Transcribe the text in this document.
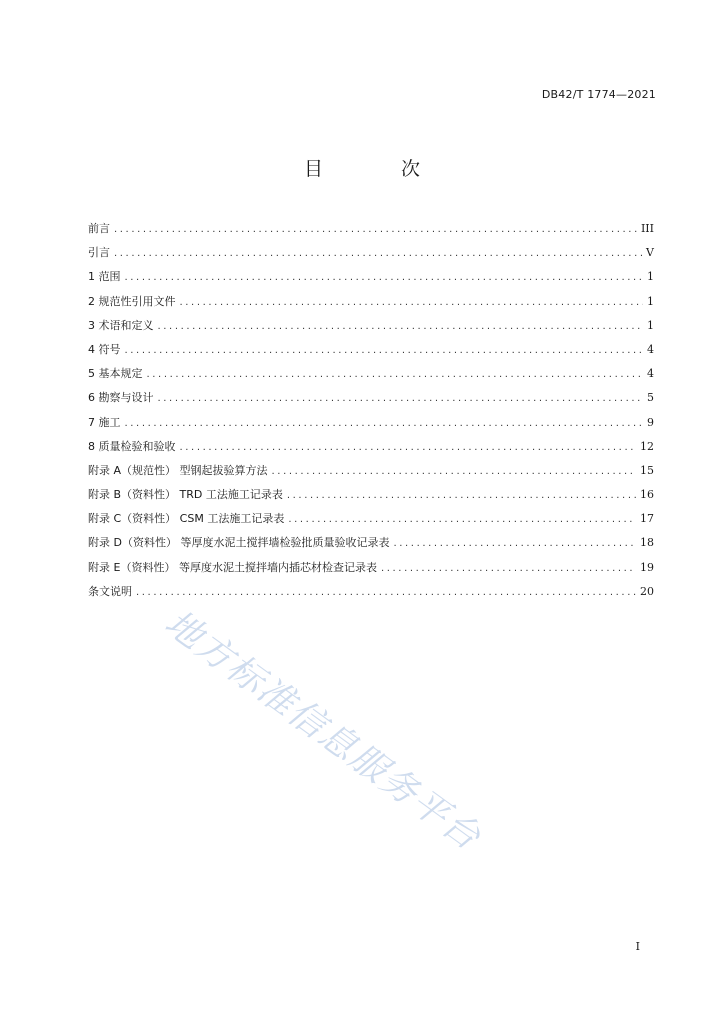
DB42/T 1774—2021
目 次
前言 .....	III
引言 .....	V
1 范围 .....	1
2 规范性引用文件 .....	1
3 术语和定义 .....	1
4 符号 .....	4
5 基本规定 .....	4
6 勘察与设计 .....	5
7 施工 .....	9
8 质量检验和验收 .....	12
附录 A（规范性） 型钢起拔验算方法 .....	15
附录 B（资料性） TRD 工法施工记录表 .....	16
附录 C（资料性） CSM 工法施工记录表 .....	17
附录 D（资料性） 等厚度水泥土搅拌墙检验批质量验收记录表 .....	18
附录 E（资料性） 等厚度水泥土搅拌墙内插芯材检查记录表 .....	19
条文说明 .....	20
地方标准信息服务平台
I
